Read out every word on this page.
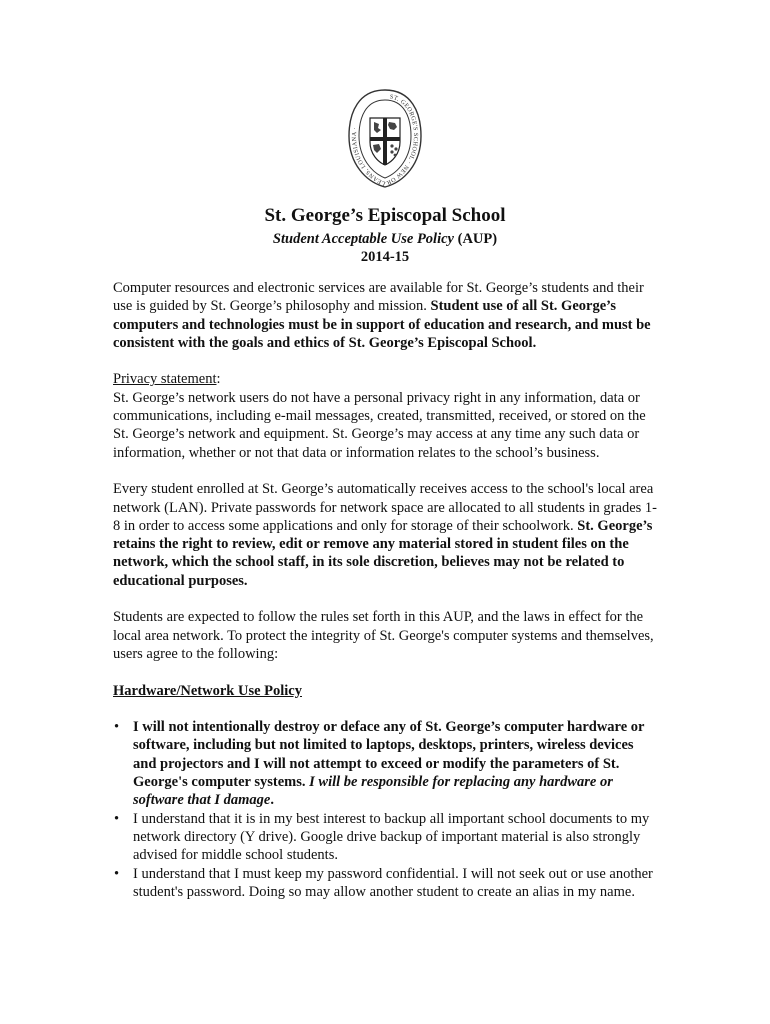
ST. GEORGE'S SCHOOL · NEW ORLEANS, LOUISIANA ·
St. George’s Episcopal School
Student Acceptable Use Policy (AUP)
2014-15

Computer resources and electronic services are available for St. George’s students and their use is guided by St. George’s philosophy and mission. Student use of all St. George’s computers and technologies must be in support of education and research, and must be consistent with the goals and ethics of St. George’s Episcopal School.

Privacy statement:
St. George’s network users do not have a personal privacy right in any information, data or communications, including e-mail messages, created, transmitted, received, or stored on the St. George’s network and equipment. St. George’s may access at any time any such data or information, whether or not that data or information relates to the school’s business.

Every student enrolled at St. George’s automatically receives access to the school's local area network (LAN). Private passwords for network space are allocated to all students in grades 1-8 in order to access some applications and only for storage of their schoolwork. St. George’s retains the right to review, edit or remove any material stored in student files on the network, which the school staff, in its sole discretion, believes may not be related to educational purposes.

Students are expected to follow the rules set forth in this AUP, and the laws in effect for the local area network. To protect the integrity of St. George's computer systems and themselves, users agree to the following:

Hardware/Network Use Policy
• I will not intentionally destroy or deface any of St. George’s computer hardware or software, including but not limited to laptops, desktops, printers, wireless devices and projectors and I will not attempt to exceed or modify the parameters of St. George's computer systems. I will be responsible for replacing any hardware or software that I damage.
• I understand that it is in my best interest to backup all important school documents to my network directory (Y drive). Google drive backup of important material is also strongly advised for middle school students.
• I understand that I must keep my password confidential. I will not seek out or use another student's password. Doing so may allow another student to create an alias in my name.
